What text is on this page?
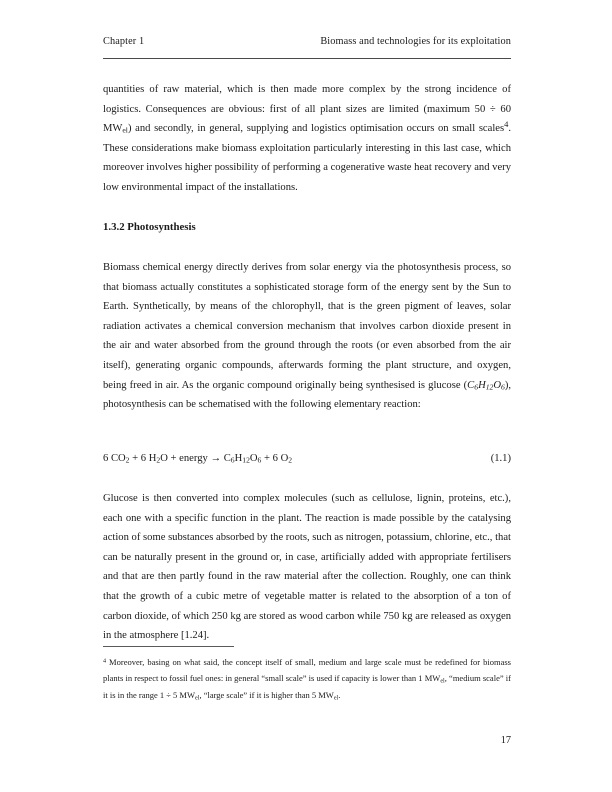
Chapter 1	Biomass and technologies for its exploitation

quantities of raw material, which is then made more complex by the strong incidence of logistics. Consequences are obvious: first of all plant sizes are limited (maximum 50 ÷ 60 $MW_{el}$) and secondly, in general, supplying and logistics optimisation occurs on small scales$^4$. These considerations make biomass exploitation particularly interesting in this last case, which moreover involves higher possibility of performing a cogenerative waste heat recovery and very low environmental impact of the installations.

1.3.2 Photosynthesis

Biomass chemical energy directly derives from solar energy via the photosynthesis process, so that biomass actually constitutes a sophisticated storage form of the energy sent by the Sun to Earth. Synthetically, by means of the chlorophyll, that is the green pigment of leaves, solar radiation activates a chemical conversion mechanism that involves carbon dioxide present in the air and water absorbed from the ground through the roots (or even absorbed from the air itself), generating organic compounds, afterwards forming the plant structure, and oxygen, being freed in air. As the organic compound originally being synthesised is glucose $(C_6H_{12}O_6)$, photosynthesis can be schematised with the following elementary reaction:

6 $CO_2 + 6$ $H_2O$ + energy → $C_6H_{12}O_6 + 6$ $O_2$	(1.1)

Glucose is then converted into complex molecules (such as cellulose, lignin, proteins, etc.), each one with a specific function in the plant. The reaction is made possible by the catalysing action of some substances absorbed by the roots, such as nitrogen, potassium, chlorine, etc., that can be naturally present in the ground or, in case, artificially added with appropriate fertilisers and that are then partly found in the raw material after the collection. Roughly, one can think that the growth of a cubic metre of vegetable matter is related to the absorption of a ton of carbon dioxide, of which 250 kg are stored as wood carbon while 750 kg are released as oxygen in the atmosphere [1.24].

$^4$ Moreover, basing on what said, the concept itself of small, medium and large scale must be redefined for biomass plants in respect to fossil fuel ones: in general “small scale” is used if capacity is lower than 1 $MW_{el}$, “medium scale” if it is in the range 1 ÷ 5 $MW_{el}$, “large scale” if it is higher than 5 $MW_{el}$.

17
